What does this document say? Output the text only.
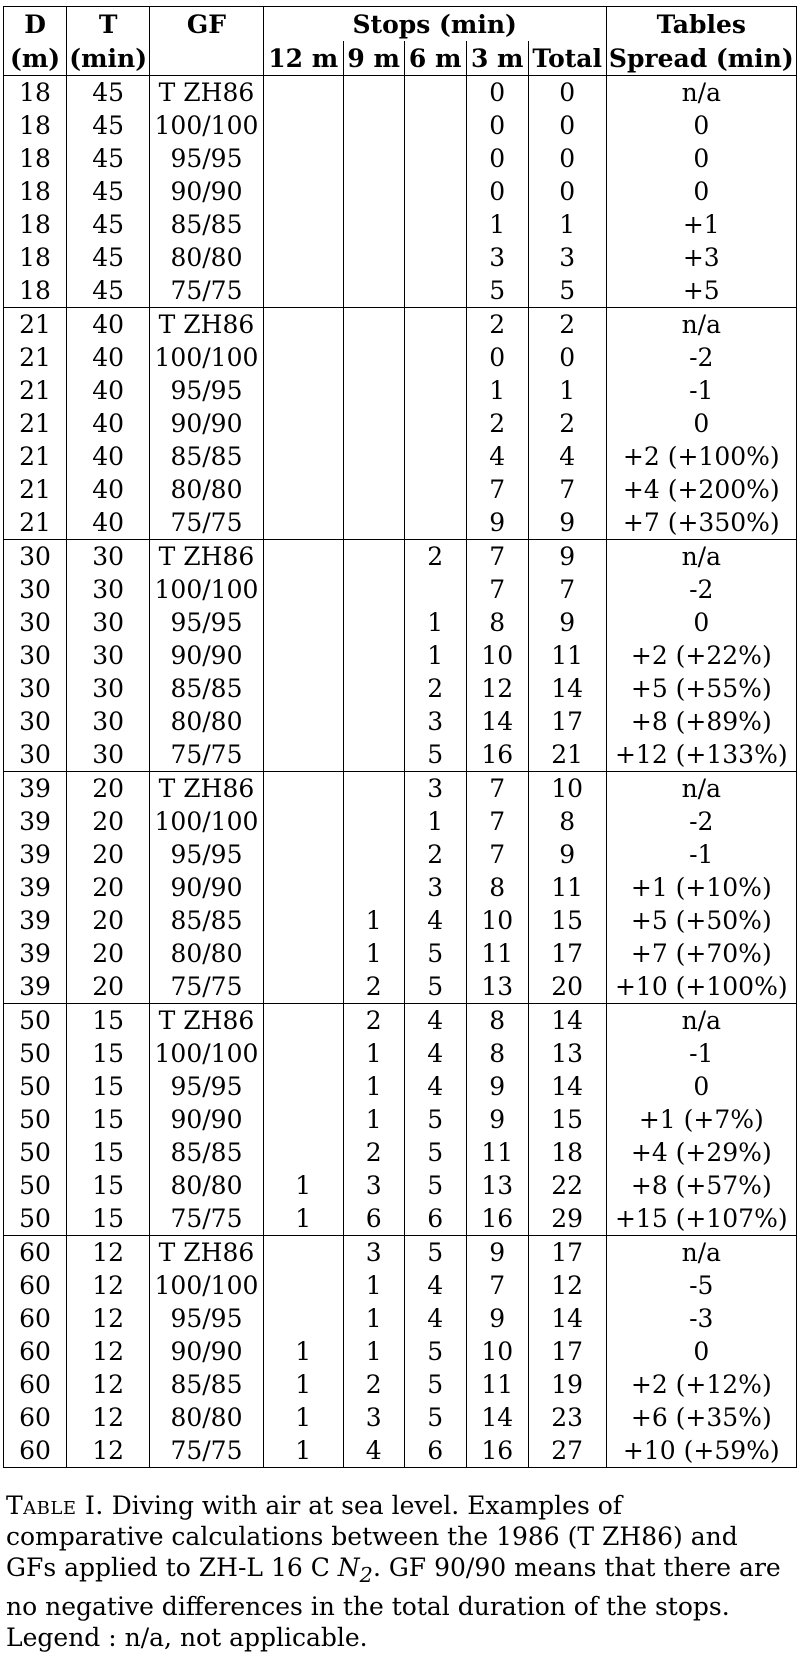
D	T	GF	Stops (min)					Tables
(m)	(min)		12 m	9 m	6 m	3 m	Total	Spread (min)
18	45	T ZH86				0	0	n/a
18	45	100/100				0	0	0
18	45	95/95				0	0	0
18	45	90/90				0	0	0
18	45	85/85				1	1	+1
18	45	80/80				3	3	+3
18	45	75/75				5	5	+5
21	40	T ZH86				2	2	n/a
21	40	100/100				0	0	-2
21	40	95/95				1	1	-1
21	40	90/90				2	2	0
21	40	85/85				4	4	+2 (+100%)
21	40	80/80				7	7	+4 (+200%)
21	40	75/75				9	9	+7 (+350%)
30	30	T ZH86			2	7	9	n/a
30	30	100/100				7	7	-2
30	30	95/95			1	8	9	0
30	30	90/90			1	10	11	+2 (+22%)
30	30	85/85			2	12	14	+5 (+55%)
30	30	80/80			3	14	17	+8 (+89%)
30	30	75/75			5	16	21	+12 (+133%)
39	20	T ZH86			3	7	10	n/a
39	20	100/100			1	7	8	-2
39	20	95/95			2	7	9	-1
39	20	90/90			3	8	11	+1 (+10%)
39	20	85/85		1	4	10	15	+5 (+50%)
39	20	80/80		1	5	11	17	+7 (+70%)
39	20	75/75		2	5	13	20	+10 (+100%)
50	15	T ZH86		2	4	8	14	n/a
50	15	100/100		1	4	8	13	-1
50	15	95/95		1	4	9	14	0
50	15	90/90		1	5	9	15	+1 (+7%)
50	15	85/85		2	5	11	18	+4 (+29%)
50	15	80/80	1	3	5	13	22	+8 (+57%)
50	15	75/75	1	6	6	16	29	+15 (+107%)
60	12	T ZH86		3	5	9	17	n/a
60	12	100/100		1	4	7	12	-5
60	12	95/95		1	4	9	14	-3
60	12	90/90	1	1	5	10	17	0
60	12	85/85	1	2	5	11	19	+2 (+12%)
60	12	80/80	1	3	5	14	23	+6 (+35%)
60	12	75/75	1	4	6	16	27	+10 (+59%)
Table I. Diving with air at sea level. Examples of comparative calculations between the 1986 (T ZH86) and GFs applied to ZH-L 16 C $N_2$. GF 90/90 means that there are no negative differences in the total duration of the stops. Legend : n/a, not applicable.
